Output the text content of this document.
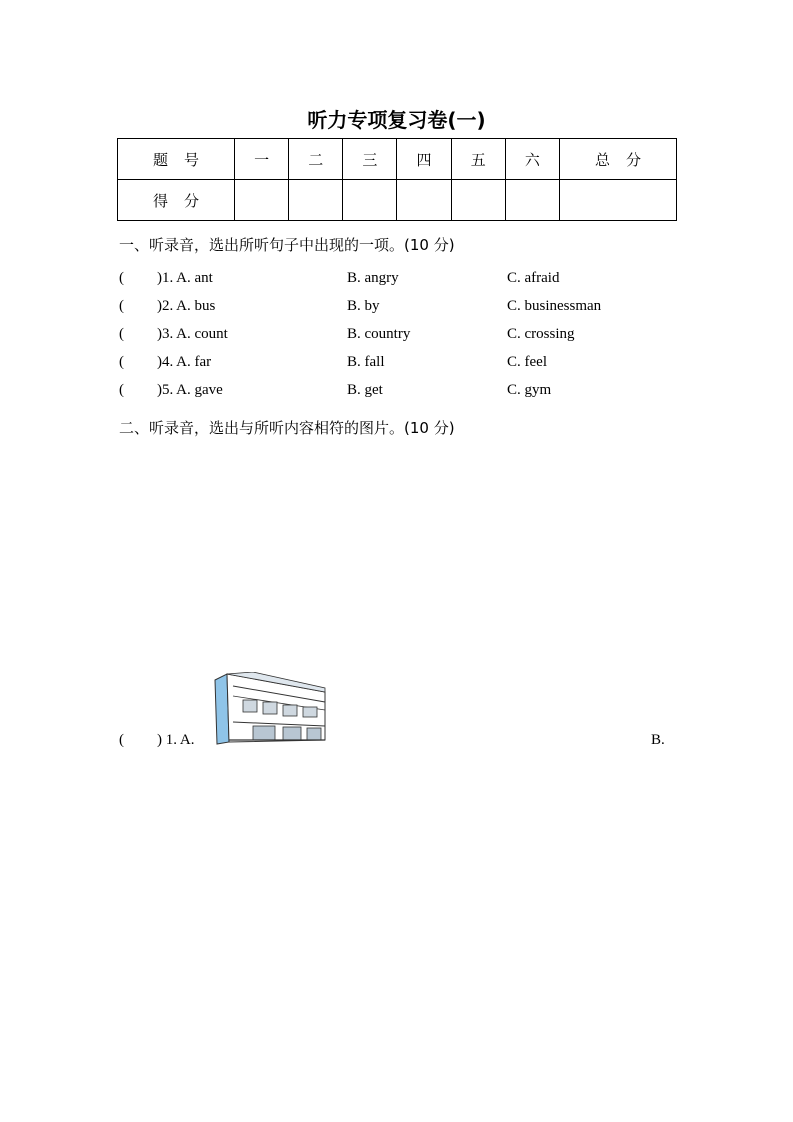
听力专项复习卷(一)
题号	一	二	三	四	五	六	总分
得分							
一、听录音，选出所听句子中出现的一项。(10 分)
( )1. A. ant	B. angry	C. afraid
( )2. A. bus	B. by	C. businessman
( )3. A. count	B. country	C. crossing
( )4. A. far	B. fall	C. feel
( )5. A. gave	B. get	C. gym
二、听录音，选出与所听内容相符的图片。(10 分)
( ) 1. A.	B.
